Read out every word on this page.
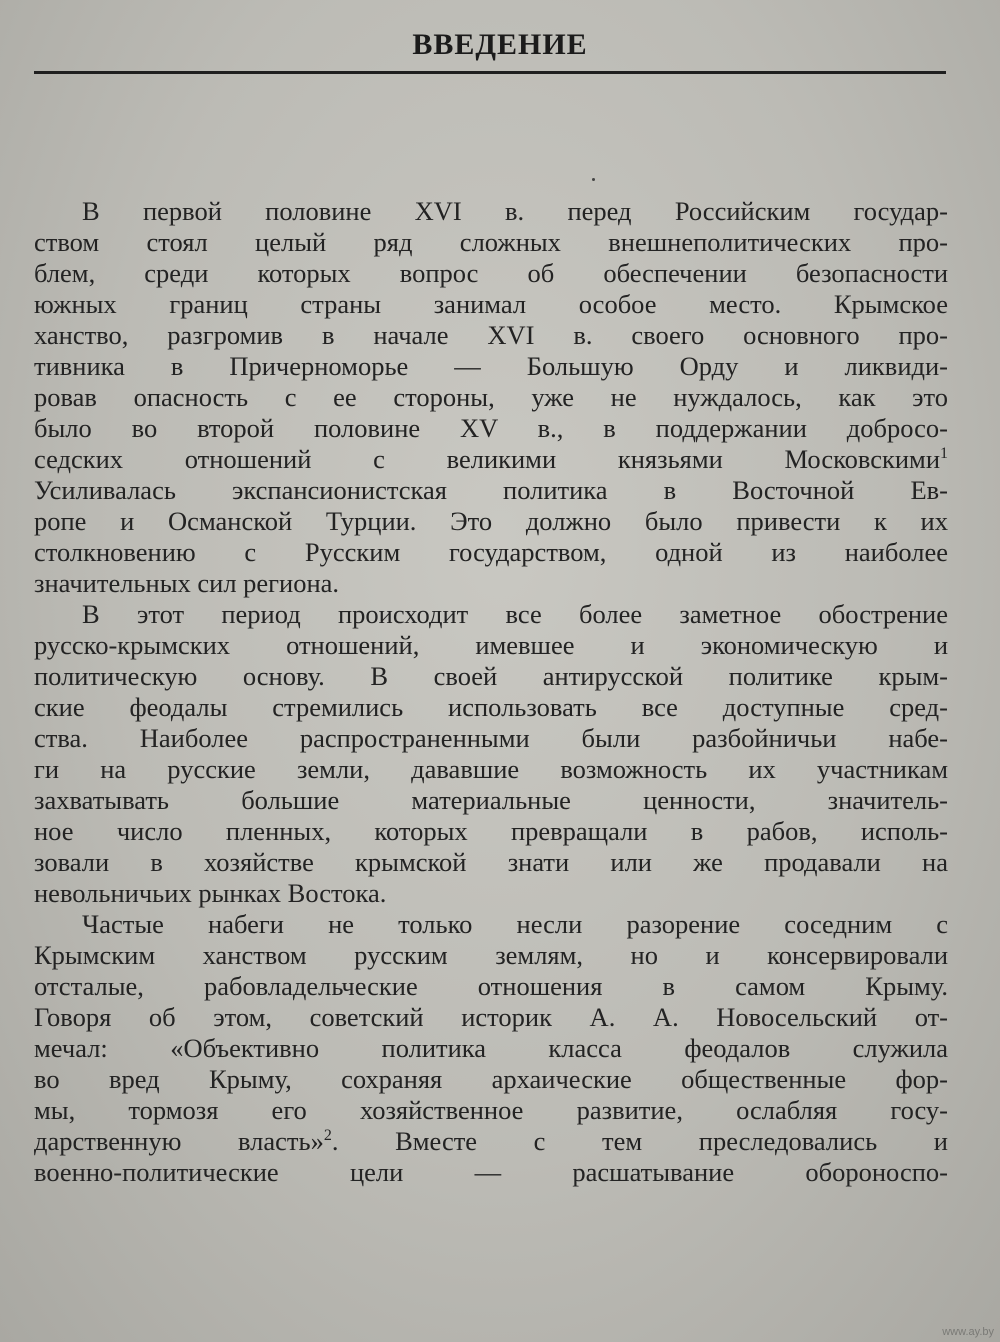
ВВЕДЕНИЕ
В первой половине XVI в. перед Российским государ-
ством стоял целый ряд сложных внешнеполитических про-
блем, среди которых вопрос об обеспечении безопасности
южных границ страны занимал особое место. Крымское
ханство, разгромив в начале XVI в. своего основного про-
тивника в Причерноморье — Большую Орду и ликвиди-
ровав опасность с ее стороны, уже не нуждалось, как это
было во второй половине XV в., в поддержании добросо-
седских отношений с великими князьями Московскими$^1$
Усиливалась экспансионистская политика в Восточной Ев-
ропе и Османской Турции. Это должно было привести к их
столкновению с Русским государством, одной из наиболее
значительных сил региона.
В этот период происходит все более заметное обострение
русско-крымских отношений, имевшее и экономическую и
политическую основу. В своей антирусской политике крым-
ские феодалы стремились использовать все доступные сред-
ства. Наиболее распространенными были разбойничьи набе-
ги на русские земли, дававшие возможность их участникам
захватывать большие материальные ценности, значитель-
ное число пленных, которых превращали в рабов, исполь-
зовали в хозяйстве крымской знати или же продавали на
невольничьих рынках Востока.
Частые набеги не только несли разорение соседним с
Крымским ханством русским землям, но и консервировали
отсталые, рабовладельческие отношения в самом Крыму.
Говоря об этом, советский историк А. А. Новосельский от-
мечал: «Объективно политика класса феодалов служила
во вред Крыму, сохраняя архаические общественные фор-
мы, тормозя его хозяйственное развитие, ослабляя госу-
дарственную власть»$^2$. Вместе с тем преследовались и
военно-политические цели — расшатывание обороноспо-
www.ay.by
